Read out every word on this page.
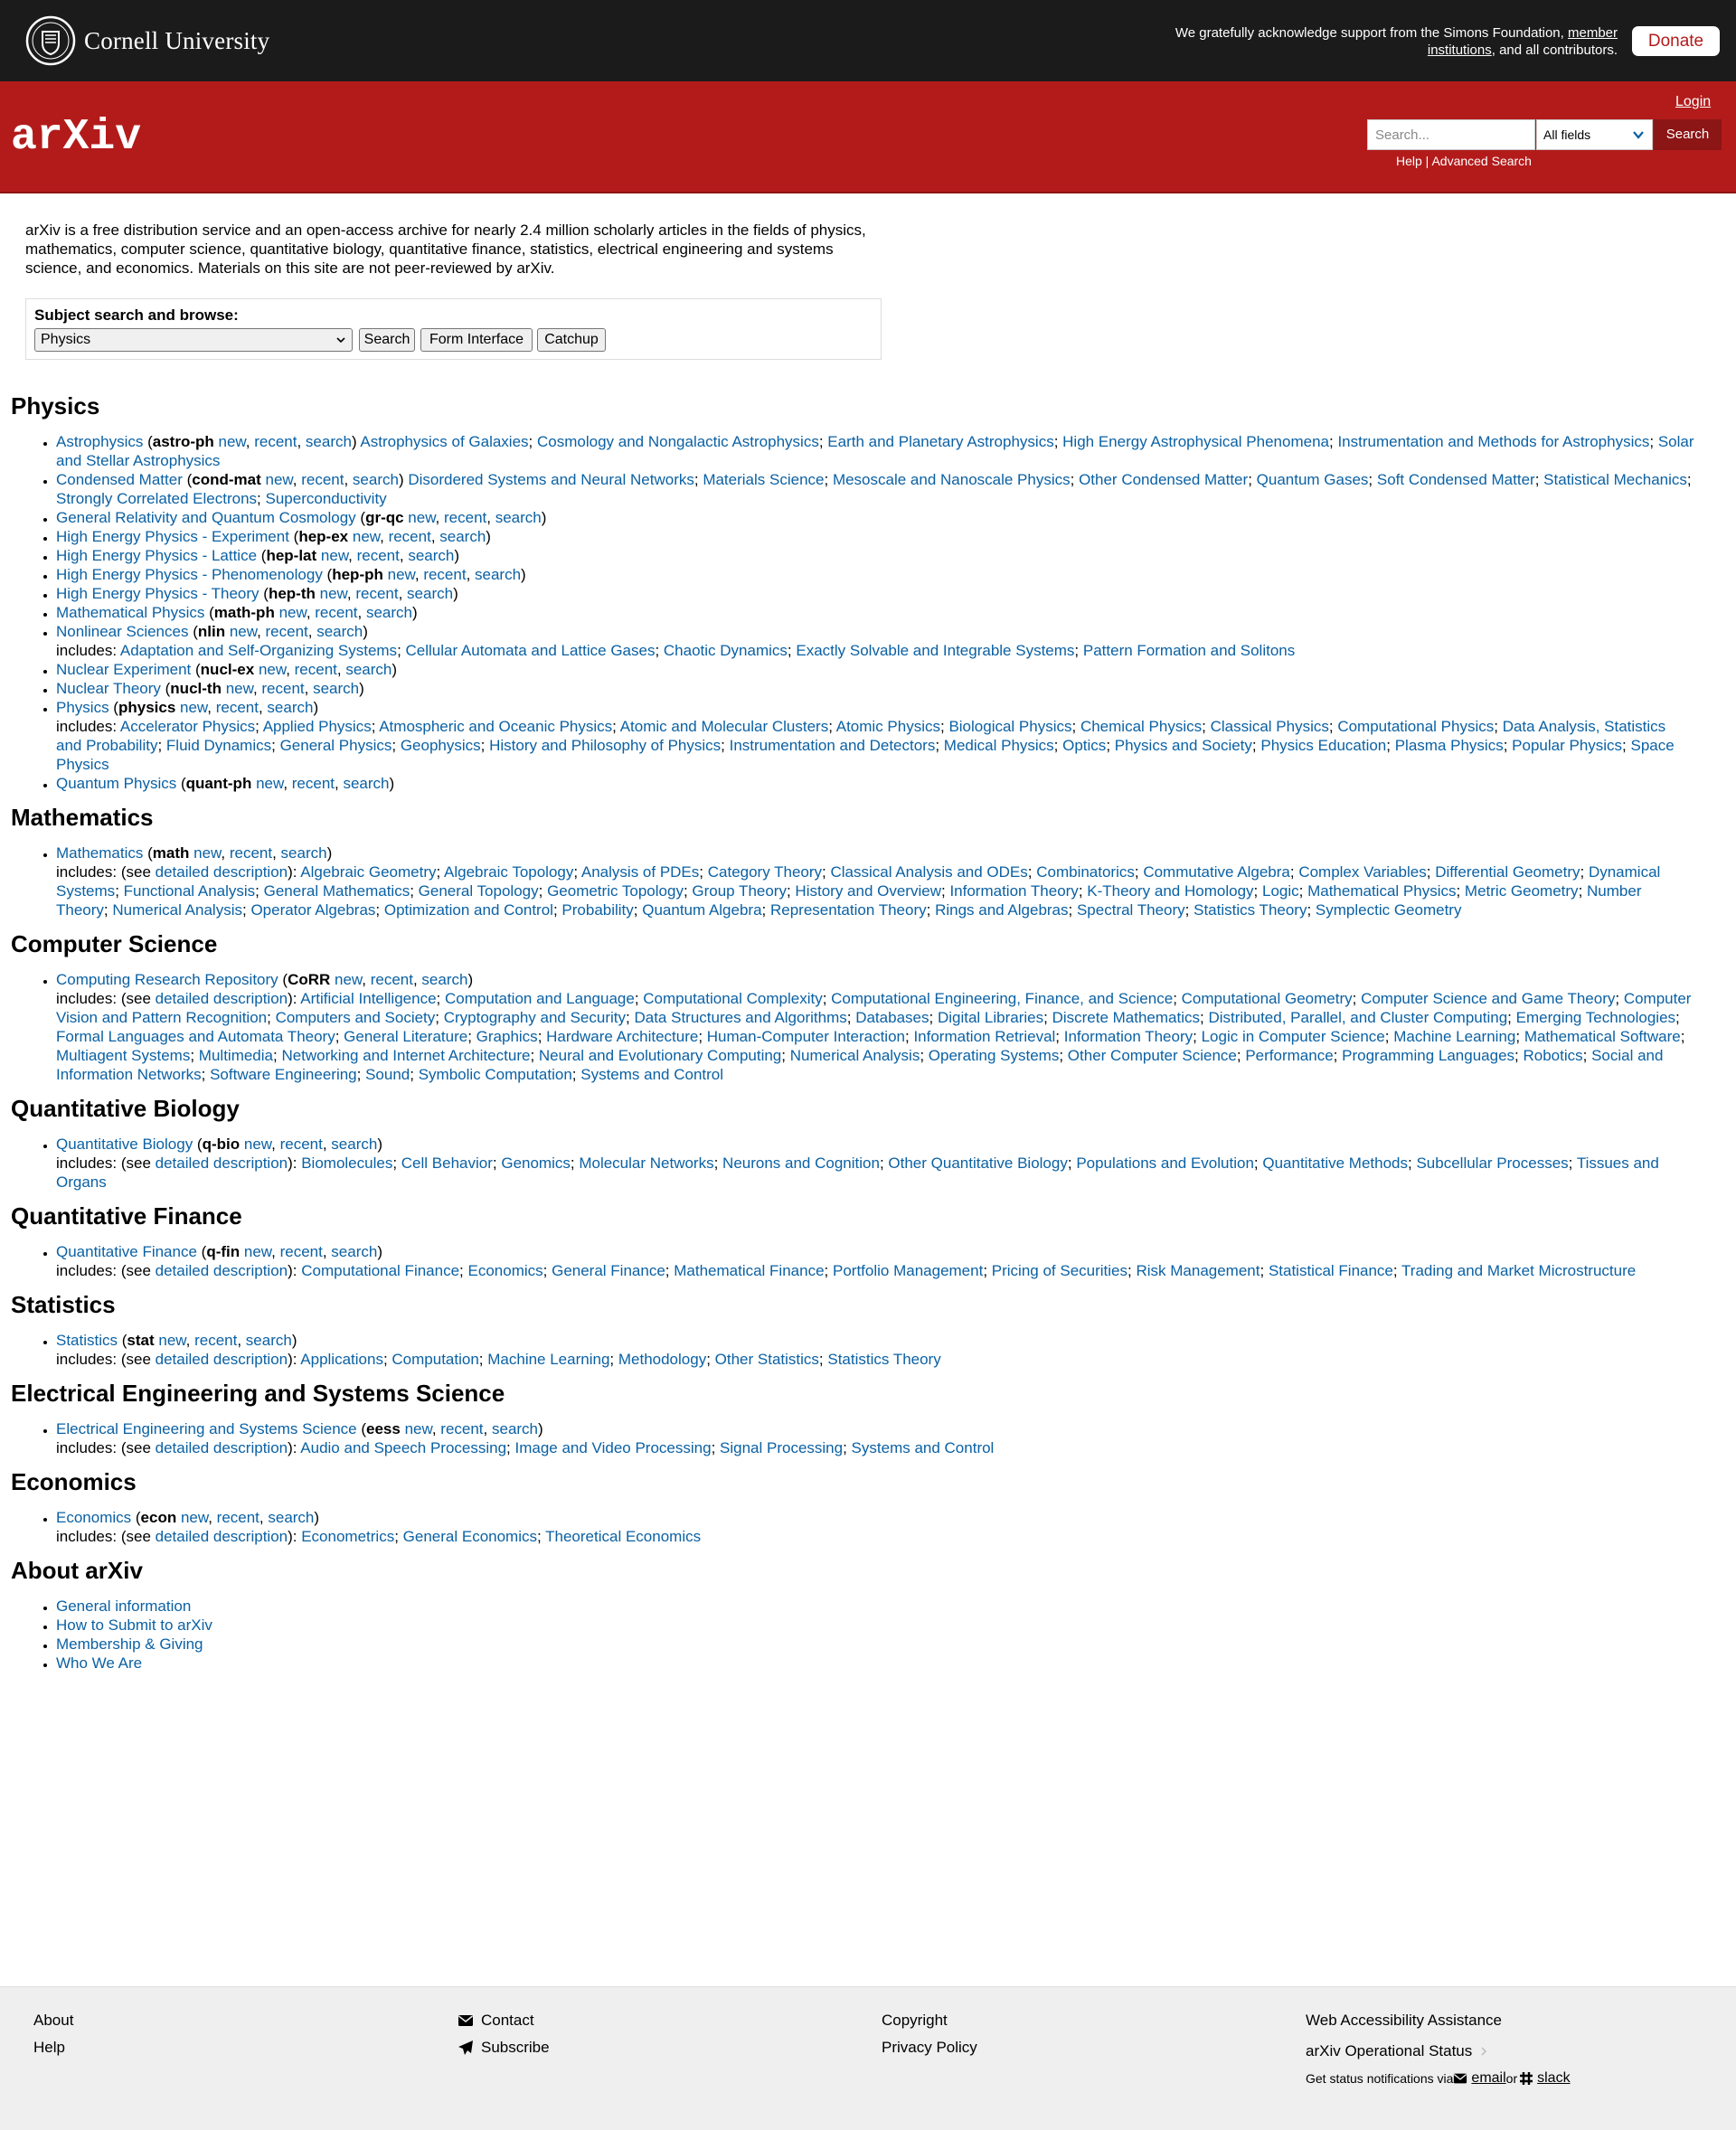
Cornell University	We gratefully acknowledge support from the Simons Foundation, member institutions, and all contributors.	Donate
arXiv
Login
Search...	All fields	Search
Help | Advanced Search
arXiv is a free distribution service and an open-access archive for nearly 2.4 million scholarly articles in the fields of physics, mathematics, computer science, quantitative biology, quantitative finance, statistics, electrical engineering and systems science, and economics. Materials on this site are not peer-reviewed by arXiv.
Subject search and browse:
Physics	Search	Form Interface	Catchup
Physics
• Astrophysics (astro-ph new, recent, search) Astrophysics of Galaxies; Cosmology and Nongalactic Astrophysics; Earth and Planetary Astrophysics; High Energy Astrophysical Phenomena; Instrumentation and Methods for Astrophysics; Solar and Stellar Astrophysics
• Condensed Matter (cond-mat new, recent, search) Disordered Systems and Neural Networks; Materials Science; Mesoscale and Nanoscale Physics; Other Condensed Matter; Quantum Gases; Soft Condensed Matter; Statistical Mechanics; Strongly Correlated Electrons; Superconductivity
• General Relativity and Quantum Cosmology (gr-qc new, recent, search)
• High Energy Physics - Experiment (hep-ex new, recent, search)
• High Energy Physics - Lattice (hep-lat new, recent, search)
• High Energy Physics - Phenomenology (hep-ph new, recent, search)
• High Energy Physics - Theory (hep-th new, recent, search)
• Mathematical Physics (math-ph new, recent, search)
• Nonlinear Sciences (nlin new, recent, search)
includes: Adaptation and Self-Organizing Systems; Cellular Automata and Lattice Gases; Chaotic Dynamics; Exactly Solvable and Integrable Systems; Pattern Formation and Solitons
• Nuclear Experiment (nucl-ex new, recent, search)
• Nuclear Theory (nucl-th new, recent, search)
• Physics (physics new, recent, search)
includes: Accelerator Physics; Applied Physics; Atmospheric and Oceanic Physics; Atomic and Molecular Clusters; Atomic Physics; Biological Physics; Chemical Physics; Classical Physics; Computational Physics; Data Analysis, Statistics and Probability; Fluid Dynamics; General Physics; Geophysics; History and Philosophy of Physics; Instrumentation and Detectors; Medical Physics; Optics; Physics and Society; Physics Education; Plasma Physics; Popular Physics; Space Physics
• Quantum Physics (quant-ph new, recent, search)
Mathematics
• Mathematics (math new, recent, search)
includes: (see detailed description): Algebraic Geometry; Algebraic Topology; Analysis of PDEs; Category Theory; Classical Analysis and ODEs; Combinatorics; Commutative Algebra; Complex Variables; Differential Geometry; Dynamical Systems; Functional Analysis; General Mathematics; General Topology; Geometric Topology; Group Theory; History and Overview; Information Theory; K-Theory and Homology; Logic; Mathematical Physics; Metric Geometry; Number Theory; Numerical Analysis; Operator Algebras; Optimization and Control; Probability; Quantum Algebra; Representation Theory; Rings and Algebras; Spectral Theory; Statistics Theory; Symplectic Geometry
Computer Science
• Computing Research Repository (CoRR new, recent, search)
includes: (see detailed description): Artificial Intelligence; Computation and Language; Computational Complexity; Computational Engineering, Finance, and Science; Computational Geometry; Computer Science and Game Theory; Computer Vision and Pattern Recognition; Computers and Society; Cryptography and Security; Data Structures and Algorithms; Databases; Digital Libraries; Discrete Mathematics; Distributed, Parallel, and Cluster Computing; Emerging Technologies; Formal Languages and Automata Theory; General Literature; Graphics; Hardware Architecture; Human-Computer Interaction; Information Retrieval; Information Theory; Logic in Computer Science; Machine Learning; Mathematical Software; Multiagent Systems; Multimedia; Networking and Internet Architecture; Neural and Evolutionary Computing; Numerical Analysis; Operating Systems; Other Computer Science; Performance; Programming Languages; Robotics; Social and Information Networks; Software Engineering; Sound; Symbolic Computation; Systems and Control
Quantitative Biology
• Quantitative Biology (q-bio new, recent, search)
includes: (see detailed description): Biomolecules; Cell Behavior; Genomics; Molecular Networks; Neurons and Cognition; Other Quantitative Biology; Populations and Evolution; Quantitative Methods; Subcellular Processes; Tissues and Organs
Quantitative Finance
• Quantitative Finance (q-fin new, recent, search)
includes: (see detailed description): Computational Finance; Economics; General Finance; Mathematical Finance; Portfolio Management; Pricing of Securities; Risk Management; Statistical Finance; Trading and Market Microstructure
Statistics
• Statistics (stat new, recent, search)
includes: (see detailed description): Applications; Computation; Machine Learning; Methodology; Other Statistics; Statistics Theory
Electrical Engineering and Systems Science
• Electrical Engineering and Systems Science (eess new, recent, search)
includes: (see detailed description): Audio and Speech Processing; Image and Video Processing; Signal Processing; Systems and Control
Economics
• Economics (econ new, recent, search)
includes: (see detailed description): Econometrics; General Economics; Theoretical Economics
About arXiv
• General information
• How to Submit to arXiv
• Membership & Giving
• Who We Are
About
Help
Contact
Subscribe
Copyright
Privacy Policy
Web Accessibility Assistance
arXiv Operational Status
Get status notifications via email or slack
